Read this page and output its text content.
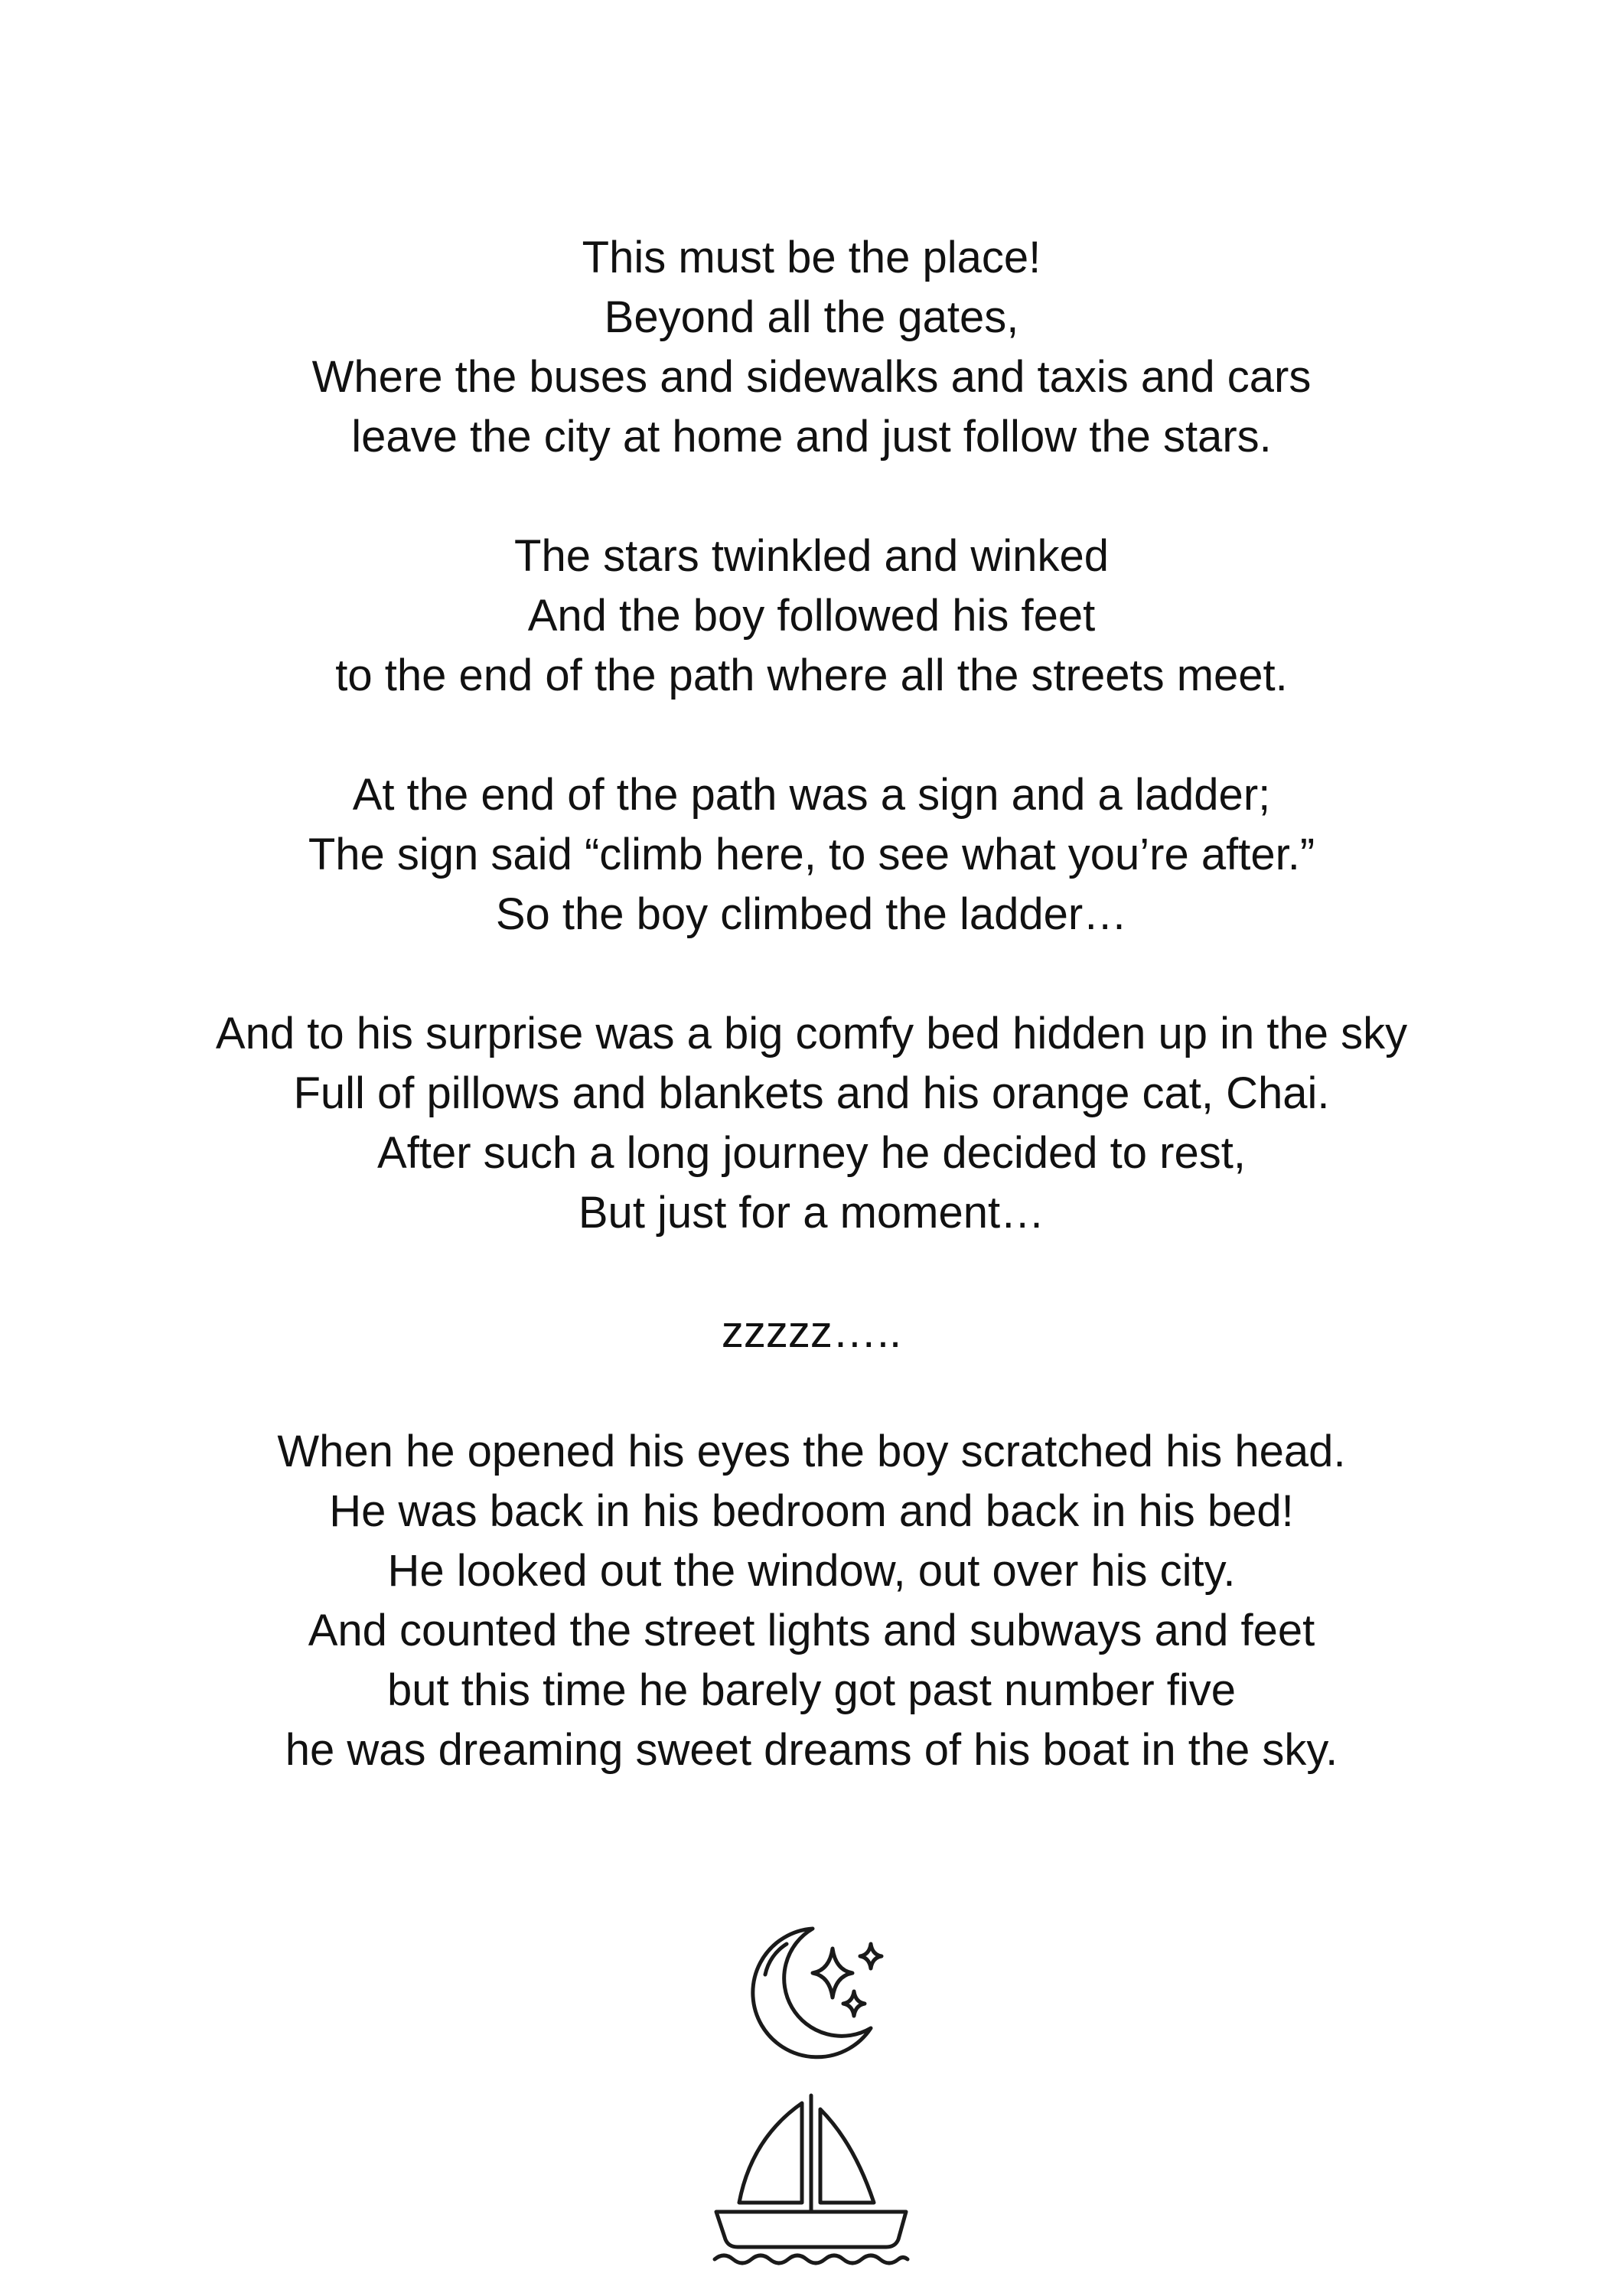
This must be the place!
Beyond all the gates,
Where the buses and sidewalks and taxis and cars
leave the city at home and just follow the stars.
The stars twinkled and winked
And the boy followed his feet
to the end of the path where all the streets meet.
At the end of the path was a sign and a ladder;
The sign said “climb here, to see what you’re after.”
So the boy climbed the ladder…
And to his surprise was a big comfy bed hidden up in the sky
Full of pillows and blankets and his orange cat, Chai.
After such a long journey he decided to rest,
But just for a moment…
zzzzz…..
When he opened his eyes the boy scratched his head.
He was back in his bedroom and back in his bed!
He looked out the window, out over his city.
And counted the street lights and subways and feet
but this time he barely got past number five
he was dreaming sweet dreams of his boat in the sky.
